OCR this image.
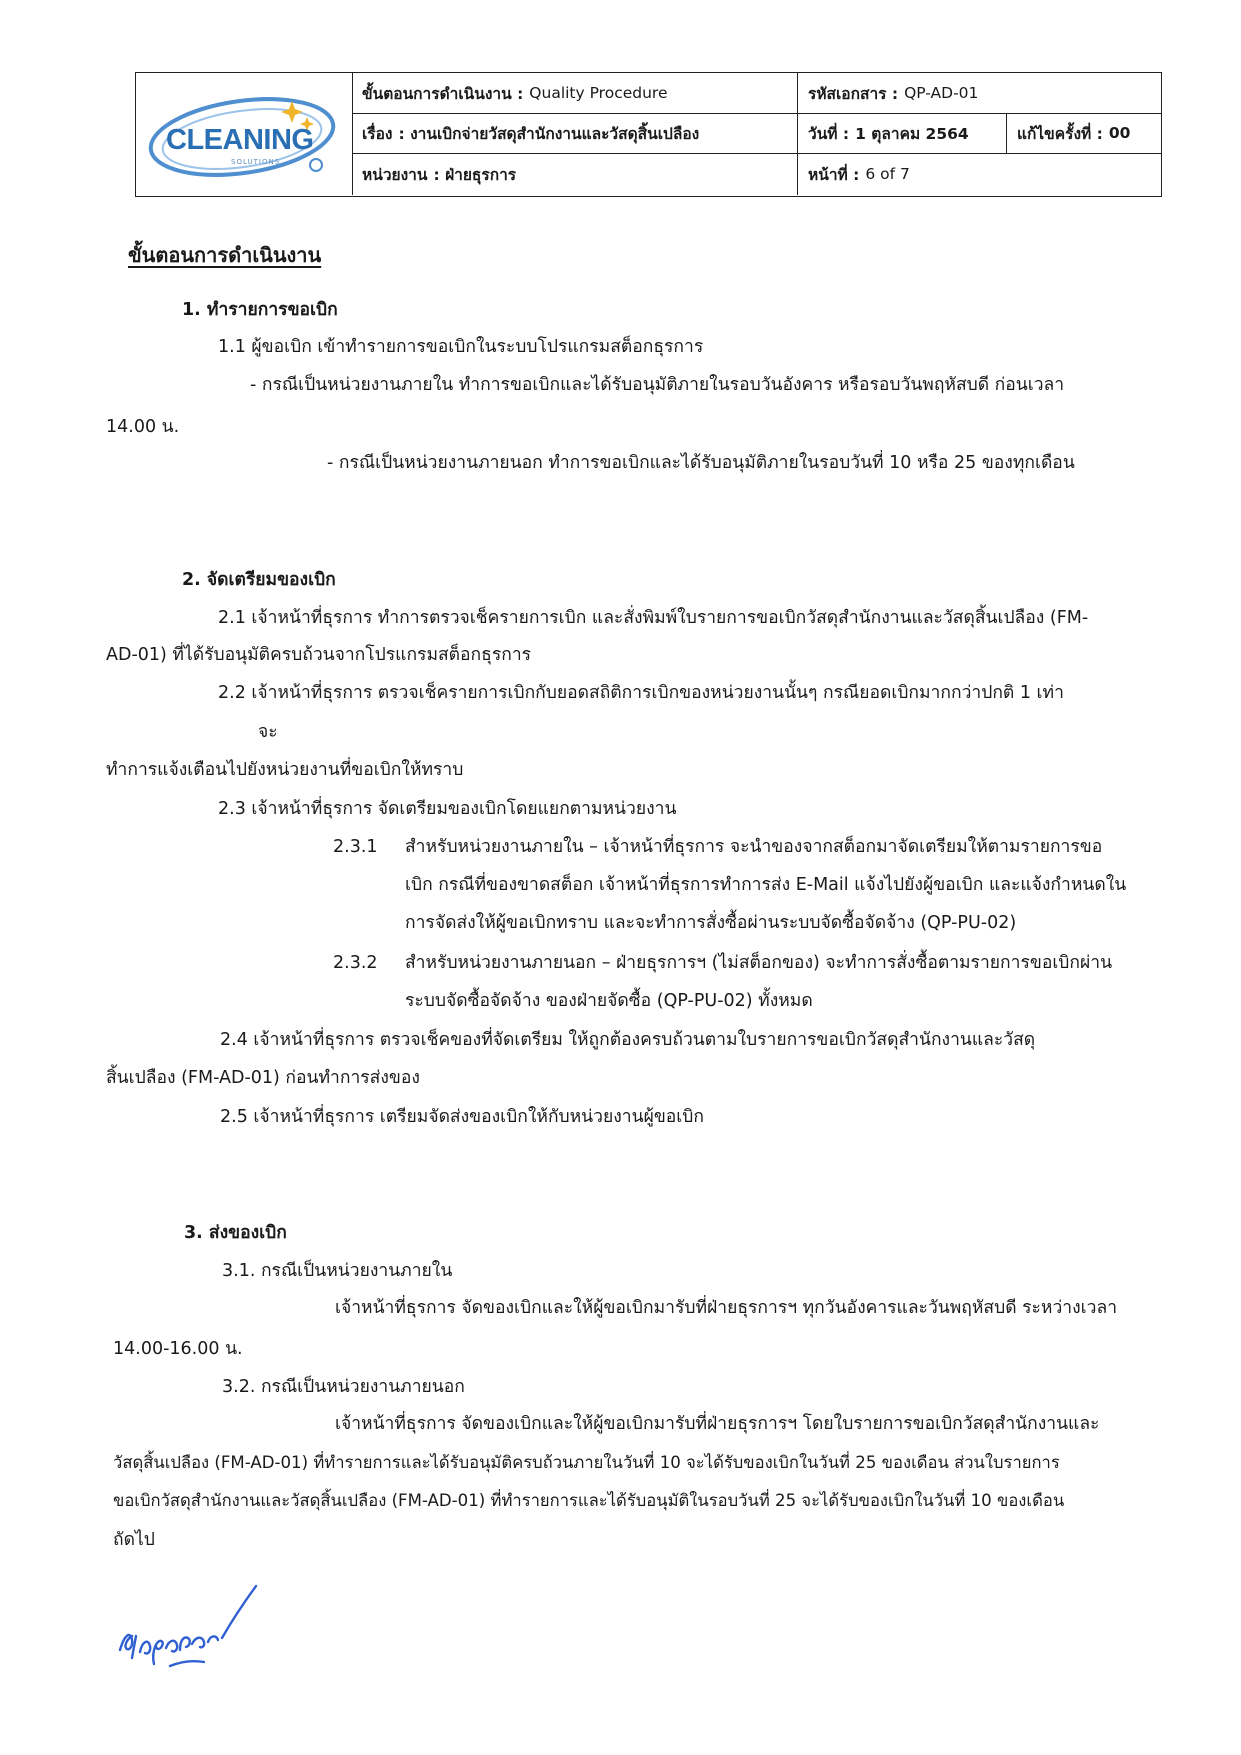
CLEANING
SOLUTIONS
ขั้นตอนการดำเนินงาน : Quality Procedure	รหัสเอกสาร : QP-AD-01
เรื่อง : งานเบิกจ่ายวัสดุสำนักงานและวัสดุสิ้นเปลือง	วันที่ : 1 ตุลาคม 2564	แก้ไขครั้งที่ : 00
หน่วยงาน : ฝ่ายธุรการ	หน้าที่ : 6 of 7
ขั้นตอนการดำเนินงาน
1. ทำรายการขอเบิก
1.1 ผู้ขอเบิก เข้าทำรายการขอเบิกในระบบโปรแกรมสต็อกธุรการ
- กรณีเป็นหน่วยงานภายใน ทำการขอเบิกและได้รับอนุมัติภายในรอบวันอังคาร หรือรอบวันพฤหัสบดี ก่อนเวลา
14.00 น.
- กรณีเป็นหน่วยงานภายนอก ทำการขอเบิกและได้รับอนุมัติภายในรอบวันที่ 10 หรือ 25 ของทุกเดือน
2. จัดเตรียมของเบิก
2.1 เจ้าหน้าที่ธุรการ ทำการตรวจเช็ครายการเบิก และสั่งพิมพ์ใบรายการขอเบิกวัสดุสำนักงานและวัสดุสิ้นเปลือง (FM-
AD-01) ที่ได้รับอนุมัติครบถ้วนจากโปรแกรมสต็อกธุรการ
2.2 เจ้าหน้าที่ธุรการ ตรวจเช็ครายการเบิกกับยอดสถิติการเบิกของหน่วยงานนั้นๆ กรณียอดเบิกมากกว่าปกติ 1 เท่า
จะ
ทำการแจ้งเตือนไปยังหน่วยงานที่ขอเบิกให้ทราบ
2.3 เจ้าหน้าที่ธุรการ จัดเตรียมของเบิกโดยแยกตามหน่วยงาน
2.3.1 สำหรับหน่วยงานภายใน – เจ้าหน้าที่ธุรการ จะนำของจากสต็อกมาจัดเตรียมให้ตามรายการขอ
เบิก กรณีที่ของขาดสต็อก เจ้าหน้าที่ธุรการทำการส่ง E-Mail แจ้งไปยังผู้ขอเบิก และแจ้งกำหนดใน
การจัดส่งให้ผู้ขอเบิกทราบ และจะทำการสั่งซื้อผ่านระบบจัดซื้อจัดจ้าง (QP-PU-02)
2.3.2 สำหรับหน่วยงานภายนอก – ฝ่ายธุรการฯ (ไม่สต็อกของ) จะทำการสั่งซื้อตามรายการขอเบิกผ่าน
ระบบจัดซื้อจัดจ้าง ของฝ่ายจัดซื้อ (QP-PU-02) ทั้งหมด
2.4 เจ้าหน้าที่ธุรการ ตรวจเช็คของที่จัดเตรียม ให้ถูกต้องครบถ้วนตามใบรายการขอเบิกวัสดุสำนักงานและวัสดุ
สิ้นเปลือง (FM-AD-01) ก่อนทำการส่งของ
2.5 เจ้าหน้าที่ธุรการ เตรียมจัดส่งของเบิกให้กับหน่วยงานผู้ขอเบิก
3. ส่งของเบิก
3.1. กรณีเป็นหน่วยงานภายใน
เจ้าหน้าที่ธุรการ จัดของเบิกและให้ผู้ขอเบิกมารับที่ฝ่ายธุรการฯ ทุกวันอังคารและวันพฤหัสบดี ระหว่างเวลา
14.00-16.00 น.
3.2. กรณีเป็นหน่วยงานภายนอก
เจ้าหน้าที่ธุรการ จัดของเบิกและให้ผู้ขอเบิกมารับที่ฝ่ายธุรการฯ โดยใบรายการขอเบิกวัสดุสำนักงานและ
วัสดุสิ้นเปลือง (FM-AD-01) ที่ทำรายการและได้รับอนุมัติครบถ้วนภายในวันที่ 10 จะได้รับของเบิกในวันที่ 25 ของเดือน ส่วนใบรายการ
ขอเบิกวัสดุสำนักงานและวัสดุสิ้นเปลือง (FM-AD-01) ที่ทำรายการและได้รับอนุมัติในรอบวันที่ 25 จะได้รับของเบิกในวันที่ 10 ของเดือน
ถัดไป
